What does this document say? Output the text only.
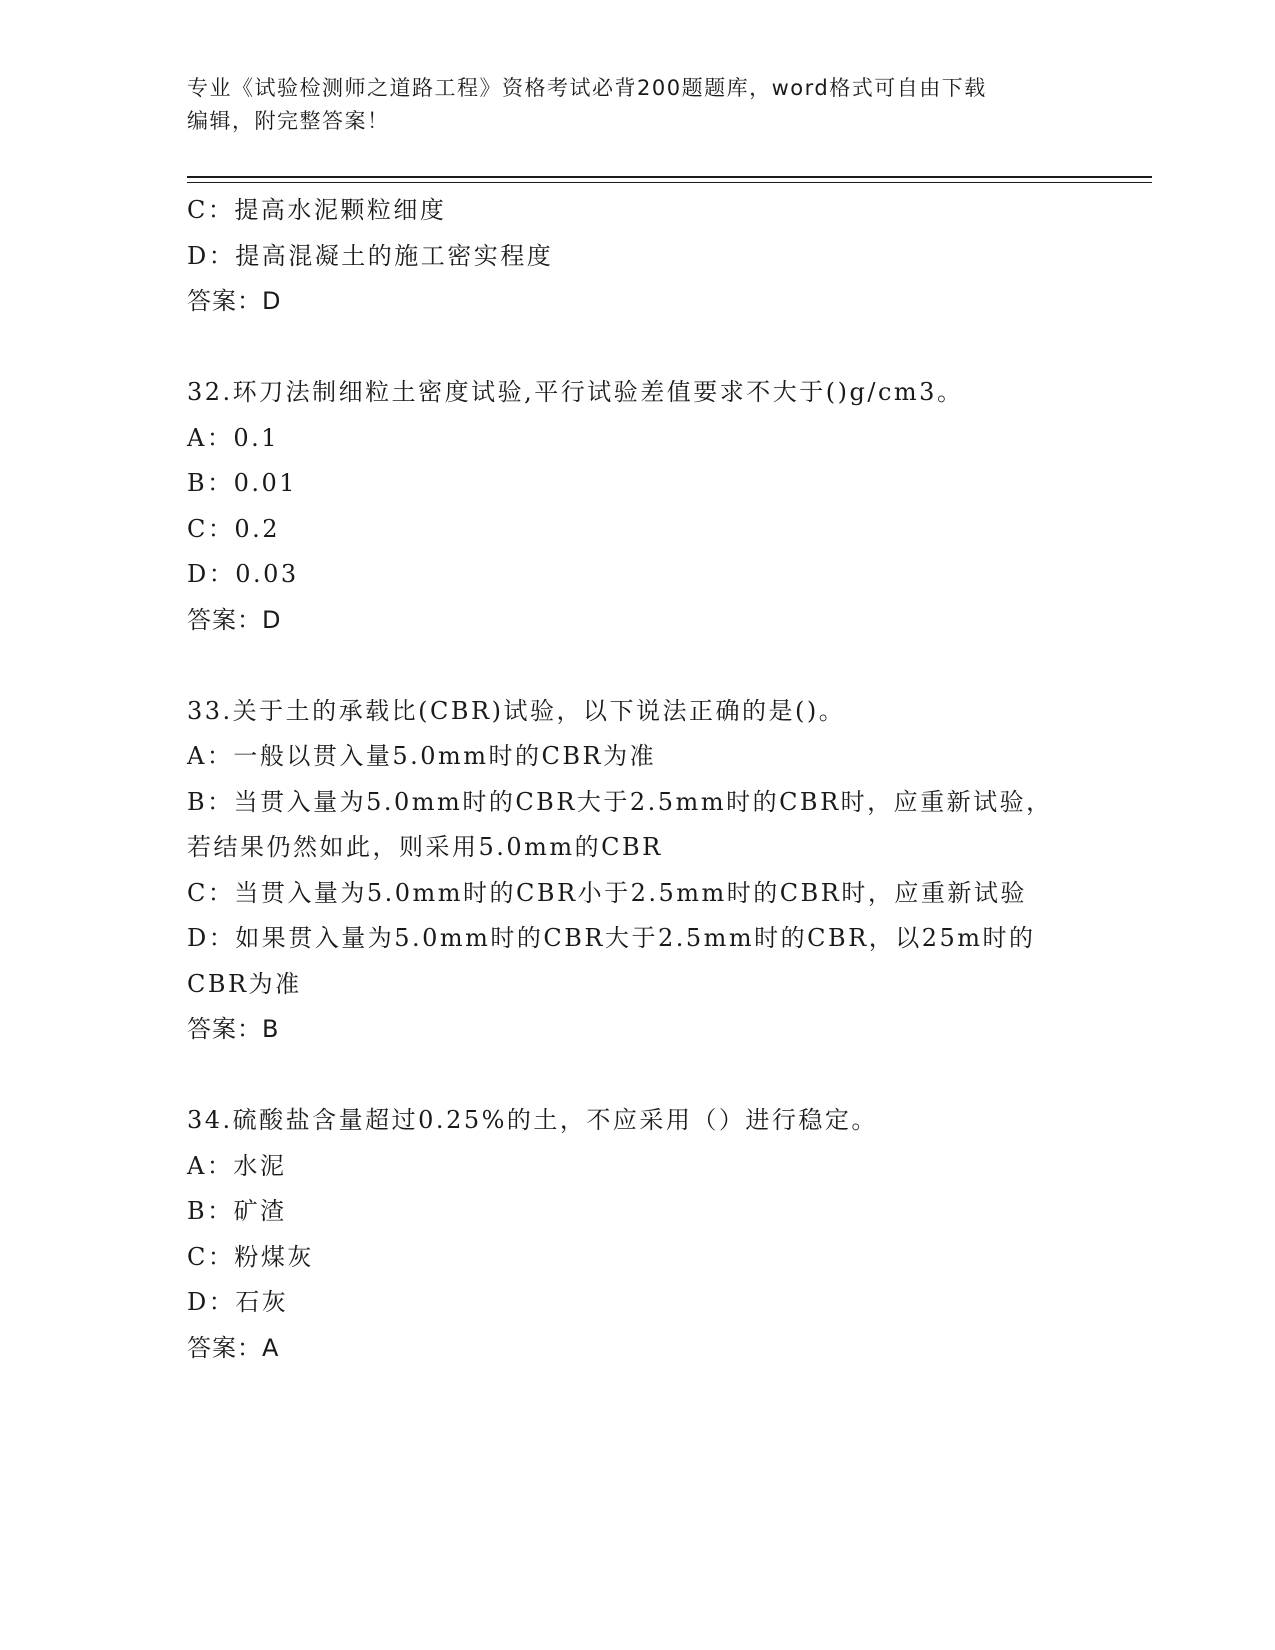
专业《试验检测师之道路工程》资格考试必背200题题库，word格式可自由下载
编辑，附完整答案！
C：提高水泥颗粒细度
D：提高混凝土的施工密实程度
答案：D
32.环刀法制细粒土密度试验,平行试验差值要求不大于()g/cm3。
A：0.1
B：0.01
C：0.2
D：0.03
答案：D
33.关于土的承载比(CBR)试验，以下说法正确的是()。
A：一般以贯入量5.0mm时的CBR为准
B：当贯入量为5.0mm时的CBR大于2.5mm时的CBR时，应重新试验，
若结果仍然如此，则采用5.0mm的CBR
C：当贯入量为5.0mm时的CBR小于2.5mm时的CBR时，应重新试验
D：如果贯入量为5.0mm时的CBR大于2.5mm时的CBR，以25m时的
CBR为准
答案：B
34.硫酸盐含量超过0.25%的土，不应采用（）进行稳定。
A：水泥
B：矿渣
C：粉煤灰
D：石灰
答案：A
